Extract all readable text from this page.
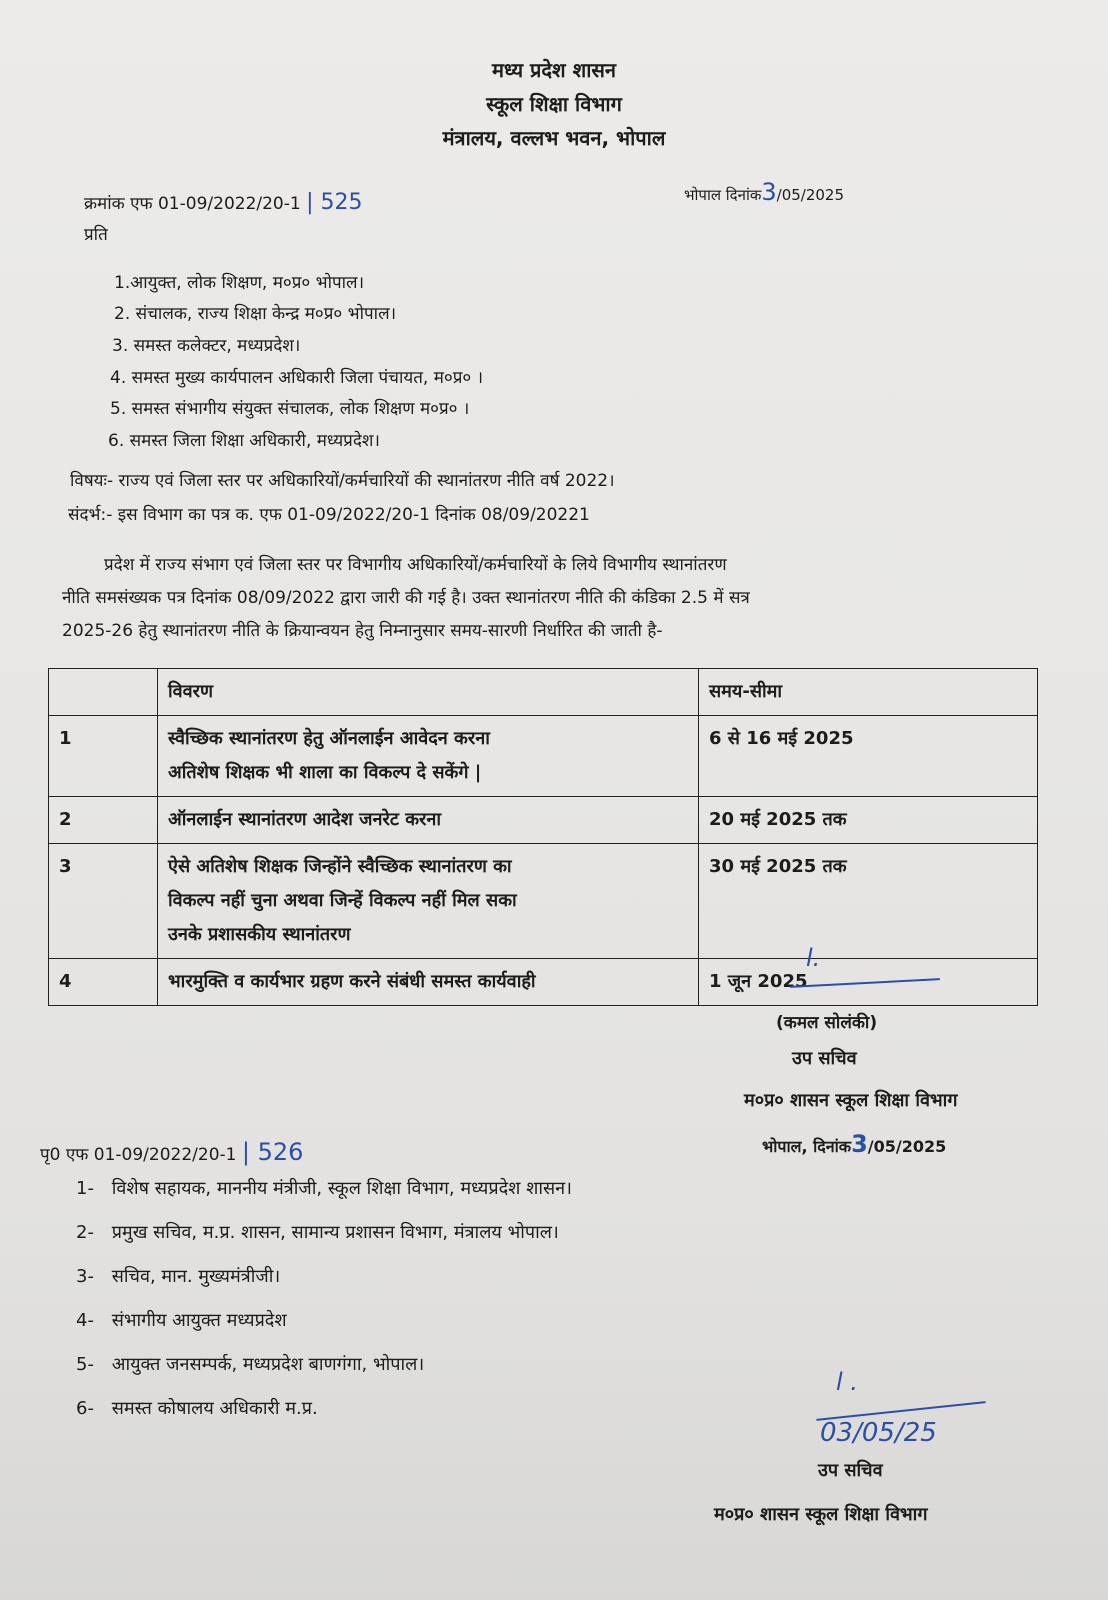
मध्य प्रदेश शासन
स्कूल शिक्षा विभाग
मंत्रालय, वल्लभ भवन, भोपाल
क्रमांक एफ 01-09/2022/20-1 | 525	भोपाल दिनांक3/05/2025
प्रति
1.आयुक्त, लोक शिक्षण, म०प्र० भोपाल।
2. संचालक, राज्य शिक्षा केन्द्र म०प्र० भोपाल।
3. समस्त कलेक्टर, मध्यप्रदेश।
4. समस्त मुख्य कार्यपालन अधिकारी जिला पंचायत, म०प्र० ।
5. समस्त संभागीय संयुक्त संचालक, लोक शिक्षण म०प्र० ।
6. समस्त जिला शिक्षा अधिकारी, मध्यप्रदेश।
विषयः- राज्य एवं जिला स्तर पर अधिकारियों/कर्मचारियों की स्थानांतरण नीति वर्ष 2022।
संदर्भ:- इस विभाग का पत्र क. एफ 01-09/2022/20-1 दिनांक 08/09/20221
प्रदेश में राज्य संभाग एवं जिला स्तर पर विभागीय अधिकारियों/कर्मचारियों के लिये विभागीय स्थानांतरण
नीति समसंख्यक पत्र दिनांक 08/09/2022 द्वारा जारी की गई है। उक्त स्थानांतरण नीति की कंडिका 2.5 में सत्र
2025-26 हेतु स्थानांतरण नीति के क्रियान्वयन हेतु निम्नानुसार समय-सारणी निर्धारित की जाती है-
	विवरण	समय-सीमा
1	स्वैच्छिक स्थानांतरण हेतु ऑनलाईन आवेदन करना
अतिशेष शिक्षक भी शाला का विकल्प दे सकेंगे |	6 से 16 मई 2025
2	ऑनलाईन स्थानांतरण आदेश जनरेट करना	20 मई 2025 तक
3	ऐसे अतिशेष शिक्षक जिन्होंने स्वैच्छिक स्थानांतरण का
विकल्प नहीं चुना अथवा जिन्हें विकल्प नहीं मिल सका
उनके प्रशासकीय स्थानांतरण	30 मई 2025 तक
4	भारमुक्ति व कार्यभार ग्रहण करने संबंधी समस्त कार्यवाही	1 जून 2025
l.
(कमल सोलंकी)
उप सचिव
म०प्र० शासन स्कूल शिक्षा विभाग
भोपाल, दिनांक3/05/2025
पृ0 एफ 01-09/2022/20-1 | 526
1- विशेष सहायक, माननीय मंत्रीजी, स्कूल शिक्षा विभाग, मध्यप्रदेश शासन।
2- प्रमुख सचिव, म.प्र. शासन, सामान्य प्रशासन विभाग, मंत्रालय भोपाल।
3- सचिव, मान. मुख्यमंत्रीजी।
4- संभागीय आयुक्त मध्यप्रदेश
5- आयुक्त जनसम्पर्क, मध्यप्रदेश बाणगंगा, भोपाल।
6- समस्त कोषालय अधिकारी म.प्र.
l .
03/05/25
उप सचिव
म०प्र० शासन स्कूल शिक्षा विभाग
